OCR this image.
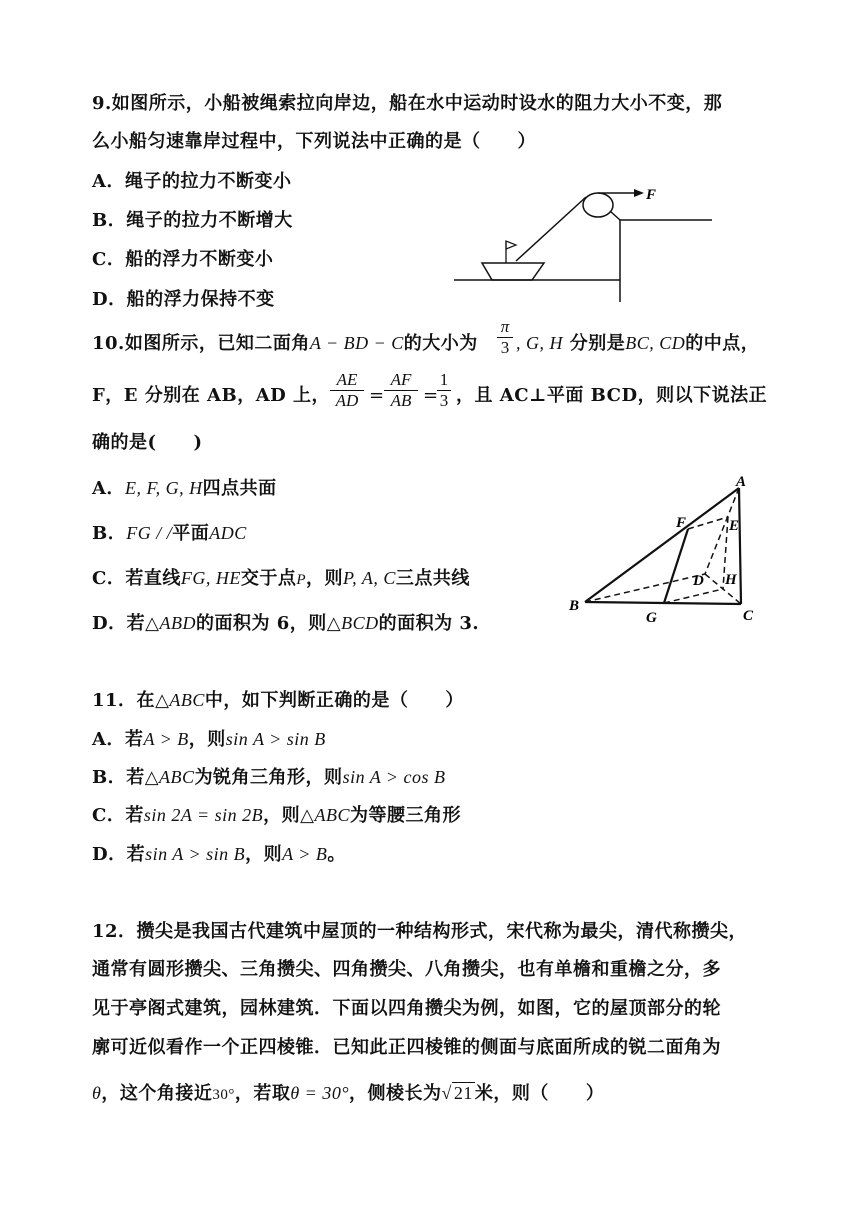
9.如图所示，小船被绳索拉向岸边，船在水中运动时设水的阻力大小不变，那
么小船匀速靠岸过程中，下列说法中正确的是（　　）
A．绳子的拉力不断变小
B．绳子的拉力不断增大
C．船的浮力不断变小
D．船的浮力保持不变
F
10.如图所示，已知二面角A − BD − C的大小为 $\frac{\pi}{3}$ , G, H 分别是BC, CD的中点，
F，E 分别在 AB，AD 上， $\frac{AE}{AD} = \frac{AF}{AB}$ =
$\frac{1}{3}$ ，且 AC⊥平面 BCD，则以下说法正
确的是(　　)
A．E, F, G, H四点共面
B．FG / /平面ADC
C．若直线FG, HE交于点P，则P, A, C三点共线
D．若△ABD的面积为 6，则△BCD的面积为 3.
A
B
C
D
E
F
G
H
11．在△ABC中，如下判断正确的是（　　）
A．若A > B，则sin A > sin B
B．若△ABC为锐角三角形，则sin A > cos B
C．若sin 2A = sin 2B，则△ABC为等腰三角形
D．若sin A > sin B，则A > B。
12．攒尖是我国古代建筑中屋顶的一种结构形式，宋代称为最尖，清代称攒尖，
通常有圆形攒尖、三角攒尖、四角攒尖、八角攒尖，也有单檐和重檐之分，多
见于亭阁式建筑，园林建筑．下面以四角攒尖为例，如图，它的屋顶部分的轮
廓可近似看作一个正四棱锥．已知此正四棱锥的侧面与底面所成的锐二面角为
θ，这个角接近30°，若取θ = 30°，侧棱长为√ 21 米，则（　　）
